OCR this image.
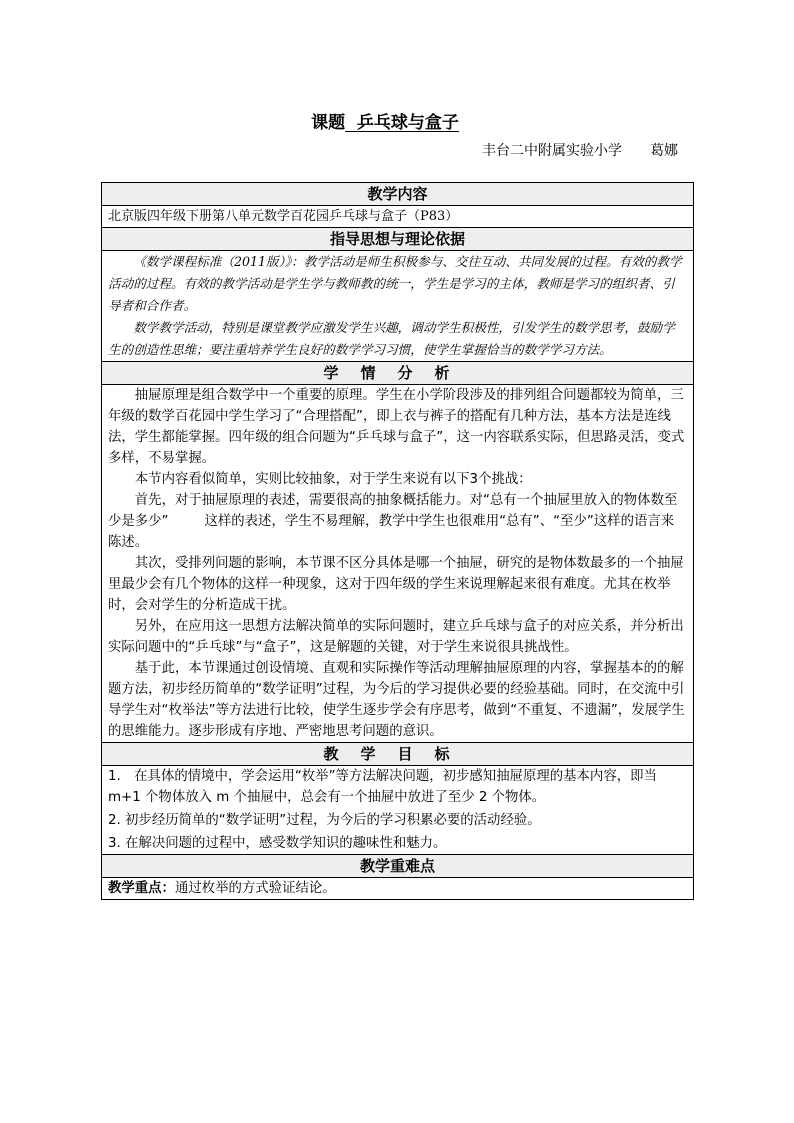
课题 乒乓球与盒子
丰台二中附属实验小学 葛娜
教学内容
北京版四年级下册第八单元数学百花园乒乓球与盒子（P83）
指导思想与理论依据

《数学课程标准（2011版）》：教学活动是师生积极参与、交往互动、共同发展的过程。有效的教学活动的过程。有效的教学活动是学生学与教师教的统一，学生是学习的主体，教师是学习的组织者、引导者和合作者。

数学教学活动，特别是课堂教学应激发学生兴趣，调动学生积极性，引发学生的数学思考，鼓励学生的创造性思维；要注重培养学生良好的数学学习习惯，使学生掌握恰当的数学学习方法。

学情分析

抽屉原理是组合数学中一个重要的原理。学生在小学阶段涉及的排列组合问题都较为简单，三年级的数学百花园中学生学习了“合理搭配”，即上衣与裤子的搭配有几种方法，基本方法是连线法，学生都能掌握。四年级的组合问题为“乒乓球与盒子”，这一内容联系实际，但思路灵活，变式多样，不易掌握。

本节内容看似简单，实则比较抽象，对于学生来说有以下3个挑战：

首先，对于抽屉原理的表述，需要很高的抽象概括能力。对“总有一个抽屉里放入的物体数至少是多少”	这样的表述，学生不易理解，教学中学生也很难用“总有”、“至少”这样的语言来陈述。

其次，受排列问题的影响，本节课不区分具体是哪一个抽屉，研究的是物体数最多的一个抽屉里最少会有几个物体的这样一种现象，这对于四年级的学生来说理解起来很有难度。尤其在枚举时，会对学生的分析造成干扰。

另外，在应用这一思想方法解决简单的实际问题时，建立乒乓球与盒子的对应关系，并分析出实际问题中的“乒乓球”与“盒子”，这是解题的关键，对于学生来说很具挑战性。

基于此，本节课通过创设情境、直观和实际操作等活动理解抽屉原理的内容，掌握基本的的解题方法，初步经历简单的“数学证明”过程，为今后的学习提供必要的经验基础。同时，在交流中引导学生对“枚举法”等方法进行比较，使学生逐步学会有序思考，做到“不重复、不遗漏”，发展学生的思维能力。逐步形成有序地、严密地思考问题的意识。

教学目标

1.　在具体的情境中，学会运用“枚举”等方法解决问题，初步感知抽屉原理的基本内容，即当 m+1 个物体放入 m 个抽屉中，总会有一个抽屉中放进了至少 2 个物体。

2. 初步经历简单的“数学证明”过程，为今后的学习积累必要的活动经验。

3. 在解决问题的过程中，感受数学知识的趣味性和魅力。

教学重难点
教学重点：通过枚举的方式验证结论。
